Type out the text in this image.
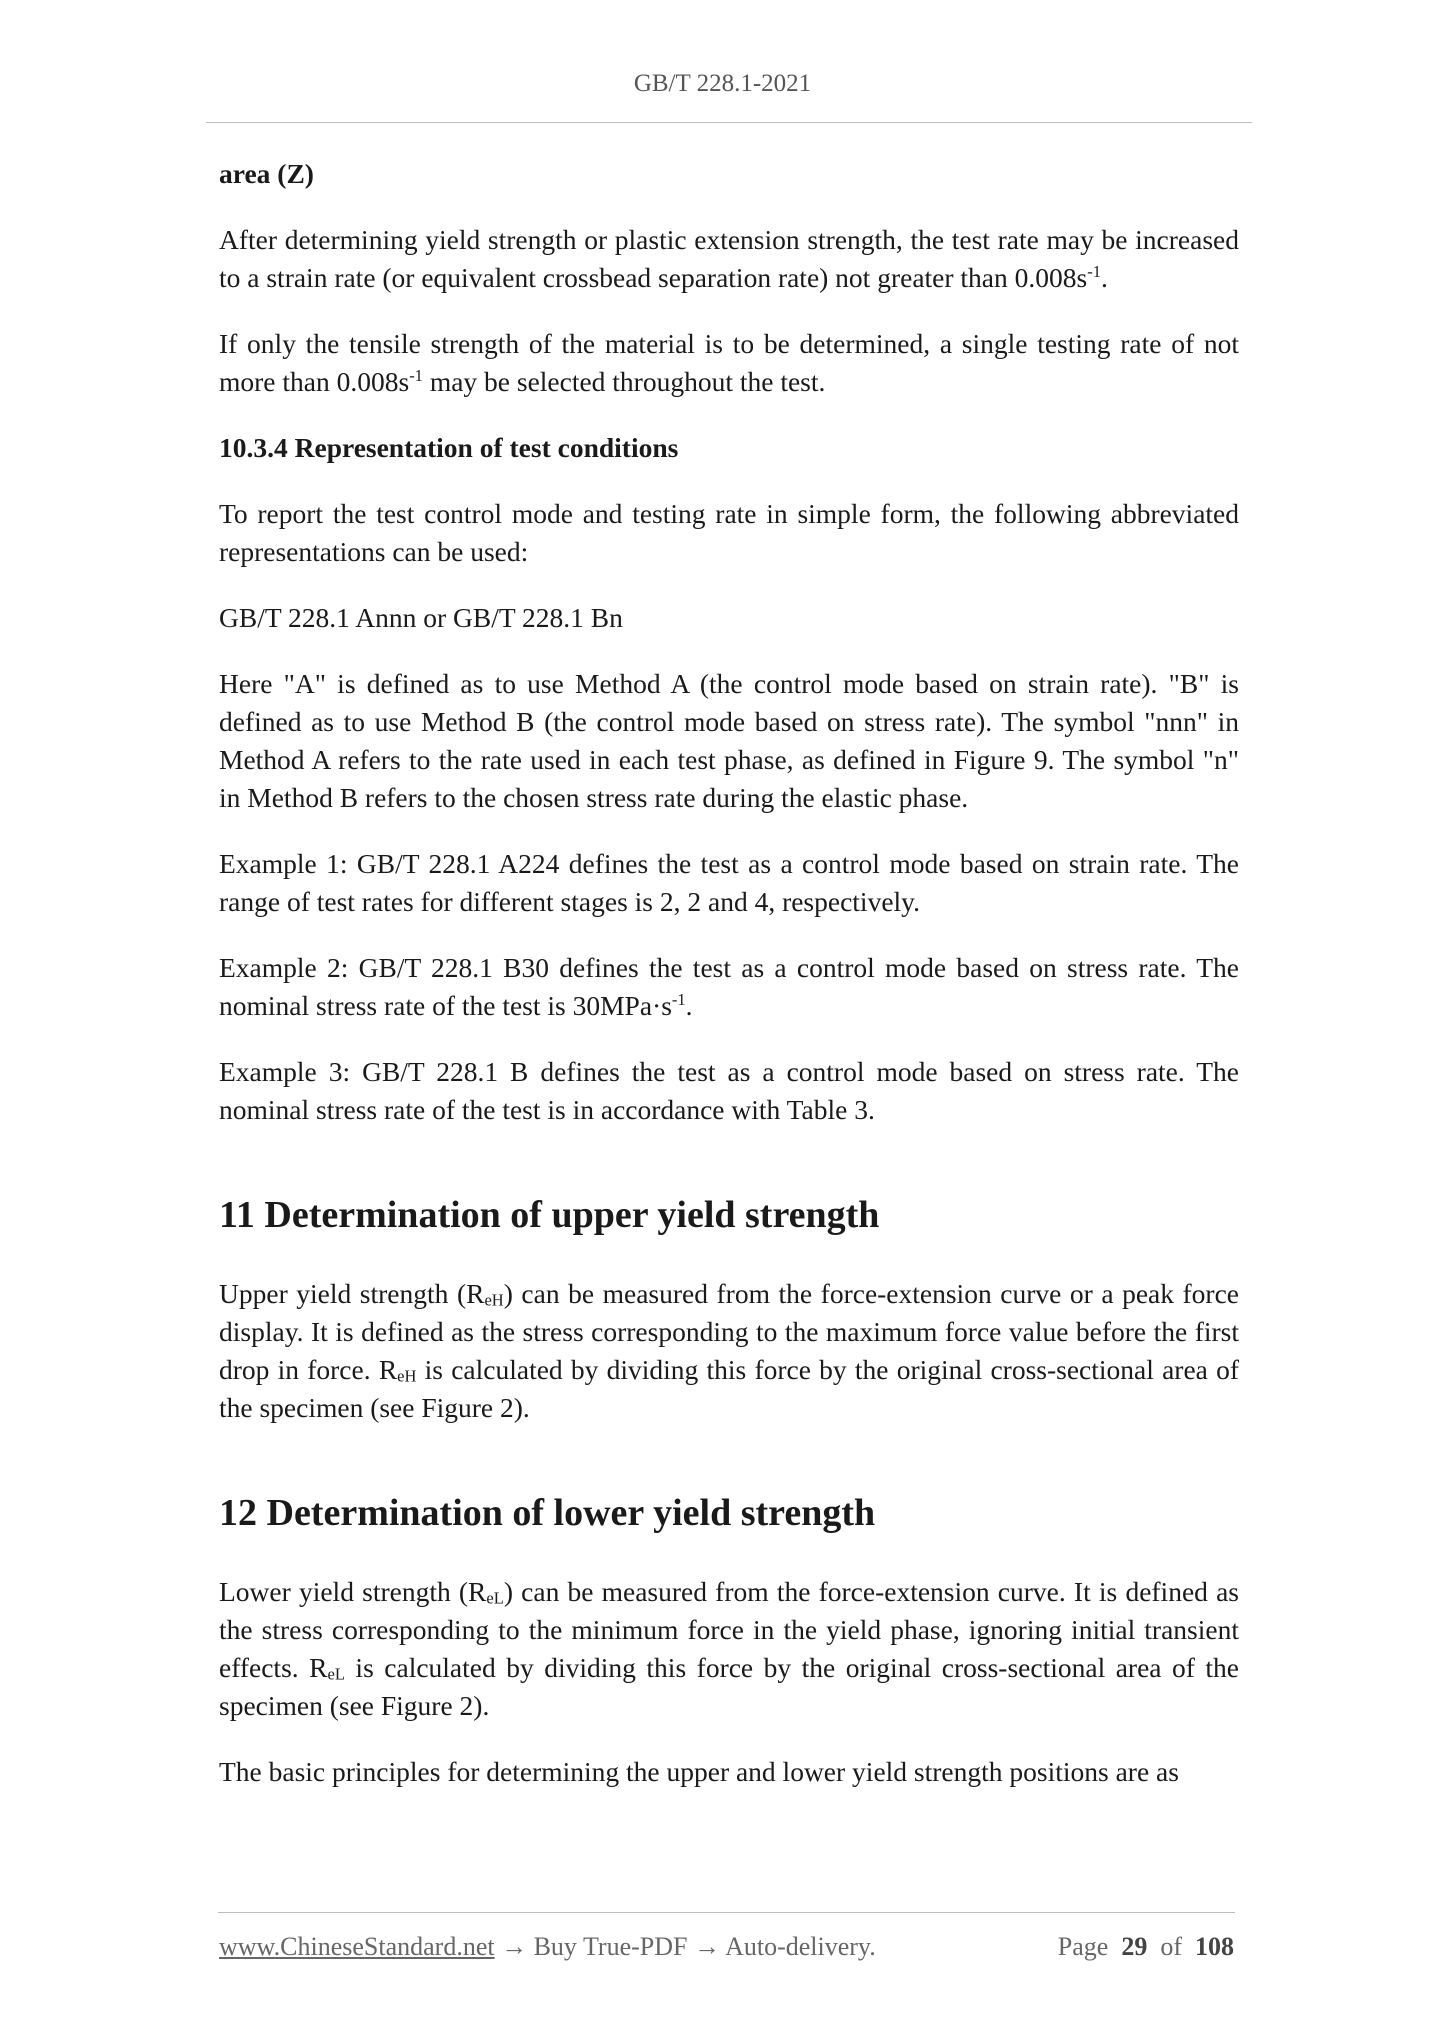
GB/T 228.1-2021

area (Z)

After determining yield strength or plastic extension strength, the test rate may be increased to a strain rate (or equivalent crossbead separation rate) not greater than $0.008s^{-1}$.

If only the tensile strength of the material is to be determined, a single testing rate of not more than $0.008s^{-1}$ may be selected throughout the test.

10.3.4 Representation of test conditions

To report the test control mode and testing rate in simple form, the following abbreviated representations can be used:

GB/T 228.1 Annn or GB/T 228.1 Bn

Here "A" is defined as to use Method A (the control mode based on strain rate). "B" is defined as to use Method B (the control mode based on stress rate). The symbol "nnn" in Method A refers to the rate used in each test phase, as defined in Figure 9. The symbol "n" in Method B refers to the chosen stress rate during the elastic phase.

Example 1: GB/T 228.1 A224 defines the test as a control mode based on strain rate. The range of test rates for different stages is 2, 2 and 4, respectively.

Example 2: GB/T 228.1 B30 defines the test as a control mode based on stress rate. The nominal stress rate of the test is $30MPa\cdot s^{-1}$.

Example 3: GB/T 228.1 B defines the test as a control mode based on stress rate. The nominal stress rate of the test is in accordance with Table 3.

11 Determination of upper yield strength

Upper yield strength $(R_{eH})$ can be measured from the force-extension curve or a peak force display. It is defined as the stress corresponding to the maximum force value before the first drop in force. $R_{eH}$ is calculated by dividing this force by the original cross-sectional area of the specimen (see Figure 2).

12 Determination of lower yield strength

Lower yield strength $(R_{eL})$ can be measured from the force-extension curve. It is defined as the stress corresponding to the minimum force in the yield phase, ignoring initial transient effects. $R_{eL}$ is calculated by dividing this force by the original cross-sectional area of the specimen (see Figure 2).

The basic principles for determining the upper and lower yield strength positions are as

www.ChineseStandard.net → Buy True-PDF → Auto-delivery.	Page 29 of 108
